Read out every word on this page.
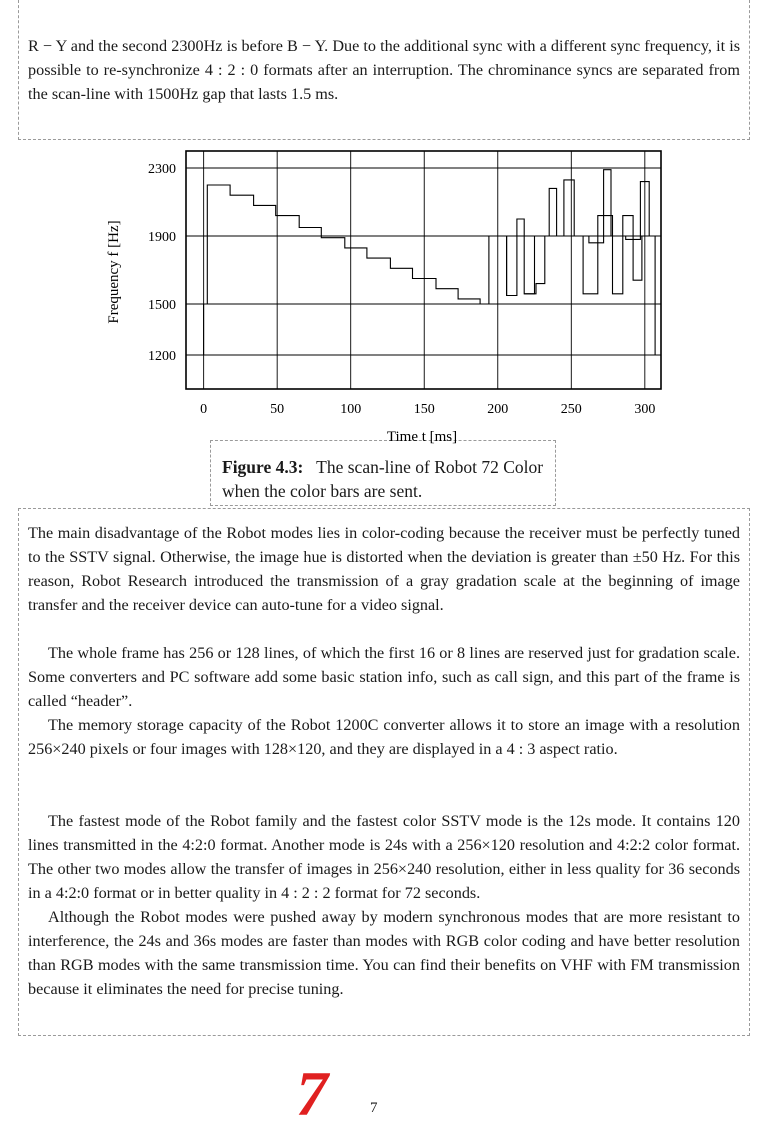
R − Y and the second 2300Hz is before B − Y. Due to the additional sync with a different sync frequency, it is possible to re-synchronize 4 : 2 : 0 formats after an interruption. The chrominance syncs are separated from the scan-line with 1500Hz gap that lasts 1.5 ms.

0	50	100	150	200	250	300
1200
1500
1900
2300
Time t [ms]
Frequency f [Hz]
Figure 4.3: The scan-line of Robot 72 Color when the color bars are sent.

The main disadvantage of the Robot modes lies in color-coding because the receiver must be perfectly tuned to the SSTV signal. Otherwise, the image hue is distorted when the deviation is greater than ±50 Hz. For this reason, Robot Research introduced the transmission of a gray gradation scale at the beginning of image transfer and the receiver device can auto-tune for a video signal.

The whole frame has 256 or 128 lines, of which the first 16 or 8 lines are reserved just for gradation scale. Some converters and PC software add some basic station info, such as call sign, and this part of the frame is called “header”.

The memory storage capacity of the Robot 1200C converter allows it to store an image with a resolution 256×240 pixels or four images with 128×120, and they are displayed in a 4 : 3 aspect ratio.

The fastest mode of the Robot family and the fastest color SSTV mode is the 12s mode. It contains 120 lines transmitted in the 4:2:0 format. Another mode is 24s with a 256×120 resolution and 4:2:2 color format. The other two modes allow the transfer of images in 256×240 resolution, either in less quality for 36 seconds in a 4:2:0 format or in better quality in 4 : 2 : 2 format for 72 seconds.

Although the Robot modes were pushed away by modern synchronous modes that are more resistant to interference, the 24s and 36s modes are faster than modes with RGB color coding and have better resolution than RGB modes with the same transmission time. You can find their benefits on VHF with FM transmission because it eliminates the need for precise tuning.

7	7
